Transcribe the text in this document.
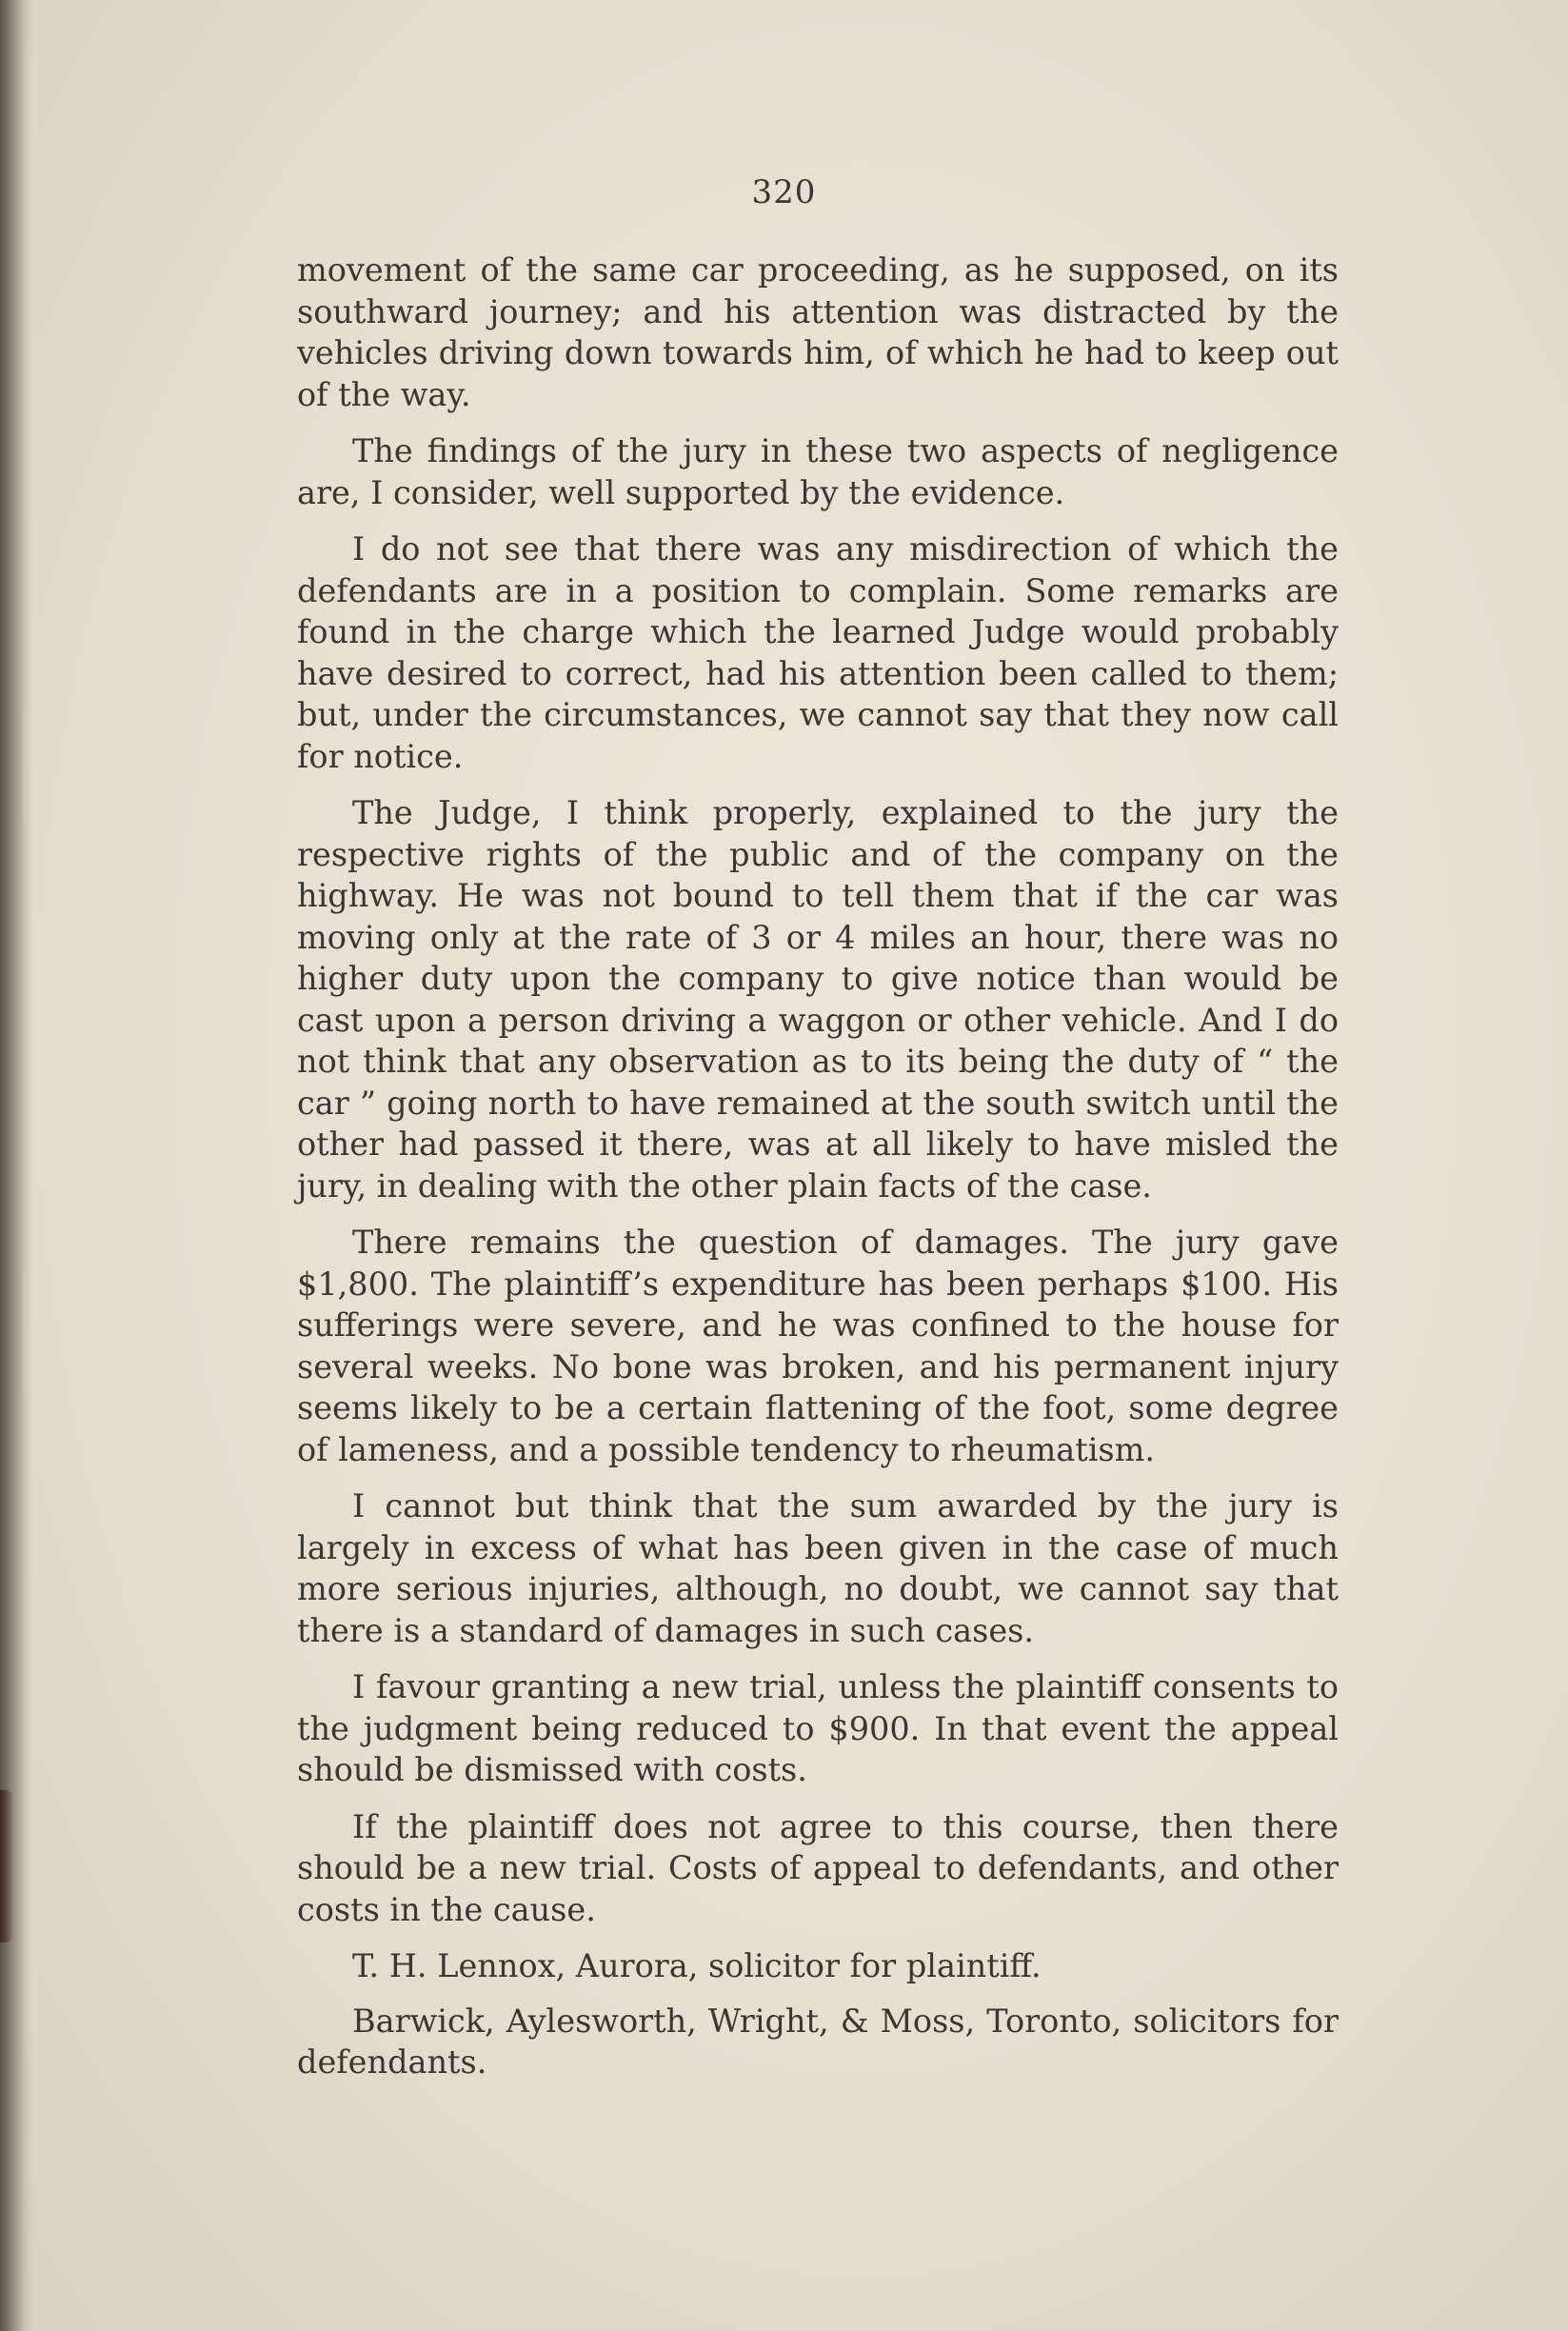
320

movement of the same car proceeding, as he supposed, on its southward journey; and his attention was distracted by the vehicles driving down towards him, of which he had to keep out of the way.

The findings of the jury in these two aspects of negligence are, I consider, well supported by the evidence.

I do not see that there was any misdirection of which the defendants are in a position to complain. Some remarks are found in the charge which the learned Judge would probably have desired to correct, had his attention been called to them; but, under the circumstances, we cannot say that they now call for notice.

The Judge, I think properly, explained to the jury the respective rights of the public and of the company on the highway. He was not bound to tell them that if the car was moving only at the rate of 3 or 4 miles an hour, there was no higher duty upon the company to give notice than would be cast upon a person driving a waggon or other vehicle. And I do not think that any observation as to its being the duty of “ the car ” going north to have remained at the south switch until the other had passed it there, was at all likely to have misled the jury, in dealing with the other plain facts of the case.

There remains the question of damages. The jury gave $1,800. The plaintiff’s expenditure has been perhaps $100. His sufferings were severe, and he was confined to the house for several weeks. No bone was broken, and his permanent injury seems likely to be a certain flattening of the foot, some degree of lameness, and a possible tendency to rheumatism.

I cannot but think that the sum awarded by the jury is largely in excess of what has been given in the case of much more serious injuries, although, no doubt, we cannot say that there is a standard of damages in such cases.

I favour granting a new trial, unless the plaintiff consents to the judgment being reduced to $900. In that event the appeal should be dismissed with costs.

If the plaintiff does not agree to this course, then there should be a new trial. Costs of appeal to defendants, and other costs in the cause.

T. H. Lennox, Aurora, solicitor for plaintiff.

Barwick, Aylesworth, Wright, & Moss, Toronto, solicitors for defendants.
